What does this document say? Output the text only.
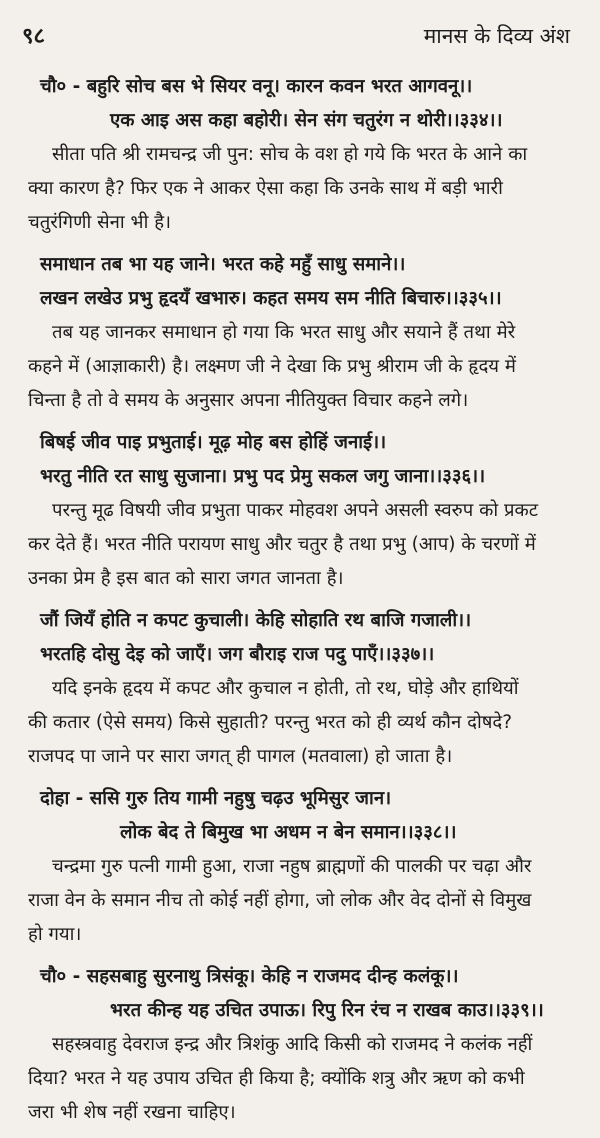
९८	मानस के दिव्य अंश
चौ० - बहुरि सोच बस भे सियर वनू। कारन कवन भरत आगवनू।।
एक आइ अस कहा बहोरी। सेन संग चतुरंग न थोरी।।३३४।।
सीता पति श्री रामचन्द्र जी पुन: सोच के वश हो गये कि भरत के आने का
क्या कारण है? फिर एक ने आकर ऐसा कहा कि उनके साथ में बड़ी भारी
चतुरंगिणी सेना भी है।
समाधान तब भा यह जाने। भरत कहे महुँ साधु समाने।।
लखन लखेउ प्रभु हृदयँ खभारु। कहत समय सम नीति बिचारु।।३३५।।
तब यह जानकर समाधान हो गया कि भरत साधु और सयाने हैं तथा मेरे
कहने में (आज्ञाकारी) है। लक्ष्मण जी ने देखा कि प्रभु श्रीराम जी के हृदय में
चिन्ता है तो वे समय के अनुसार अपना नीतियुक्त विचार कहने लगे।
बिषई जीव पाइ प्रभुताई। मूढ़ मोह बस होहिं जनाई।।
भरतु नीति रत साधु सुजाना। प्रभु पद प्रेमु सकल जगु जाना।।३३६।।
परन्तु मूढ विषयी जीव प्रभुता पाकर मोहवश अपने असली स्वरुप को प्रकट
कर देते हैं। भरत नीति परायण साधु और चतुर है तथा प्रभु (आप) के चरणों में
उनका प्रेम है इस बात को सारा जगत जानता है।
जौं जियँ होति न कपट कुचाली। केहि सोहाति रथ बाजि गजाली।।
भरतहि दोसु देइ को जाएँ। जग बौराइ राज पदु पाएँ।।३३७।।
यदि इनके हृदय में कपट और कुचाल न होती, तो रथ, घोड़े और हाथियों
की कतार (ऐसे समय) किसे सुहाती? परन्तु भरत को ही व्यर्थ कौन दोषदे?
राजपद पा जाने पर सारा जगत् ही पागल (मतवाला) हो जाता है।
दोहा - ससि गुरु तिय गामी नहुषु चढ़उ भूमिसुर जान।
लोक बेद ते बिमुख भा अधम न बेन समान।।३३८।।
चन्द्रमा गुरु पत्नी गामी हुआ, राजा नहुष ब्राह्मणों की पालकी पर चढ़ा और
राजा वेन के समान नीच तो कोई नहीं होगा, जो लोक और वेद दोनों से विमुख
हो गया।
चौ० - सहसबाहु सुरनाथु त्रिसंकू। केहि न राजमद दीन्ह कलंकू।।
भरत कीन्ह यह उचित उपाऊ। रिपु रिन रंच न राखब काउ।।३३९।।
सहस्त्रवाहु देवराज इन्द्र और त्रिशंकु आदि किसी को राजमद ने कलंक नहीं
दिया? भरत ने यह उपाय उचित ही किया है; क्योंकि शत्रु और ऋण को कभी
जरा भी शेष नहीं रखना चाहिए।
